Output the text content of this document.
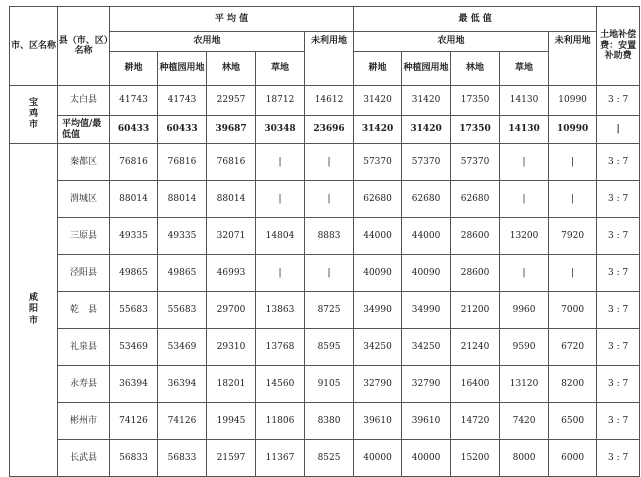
市、区名称	县（市、区）名称	平 均 值					最 低 值					土地补偿费：安置补助费
		农用地				未利用地	农用地				未利用地	
		耕地	种植园用地	林地	草地		耕地	种植园用地	林地	草地		
宝鸡市	太白县	41743	41743	22957	18712	14612	31420	31420	17350	14130	10990	3 : 7
	平均值/最低值	60433	60433	39687	30348	23696	31420	31420	17350	14130	10990	|
咸阳市	秦都区	76816	76816	76816	|	|	57370	57370	57370	|	|	3 : 7
	渭城区	88014	88014	88014	|	|	62680	62680	62680	|	|	3 : 7
	三原县	49335	49335	32071	14804	8883	44000	44000	28600	13200	7920	3 : 7
	泾阳县	49865	49865	46993	|	|	40090	40090	28600	|	|	3 : 7
	乾　县	55683	55683	29700	13863	8725	34990	34990	21200	9960	7000	3 : 7
	礼泉县	53469	53469	29310	13768	8595	34250	34250	21240	9590	6720	3 : 7
	永寿县	36394	36394	18201	14560	9105	32790	32790	16400	13120	8200	3 : 7
	彬州市	74126	74126	19945	11806	8380	39610	39610	14720	7420	6500	3 : 7
	长武县	56833	56833	21597	11367	8525	40000	40000	15200	8000	6000	3 : 7
